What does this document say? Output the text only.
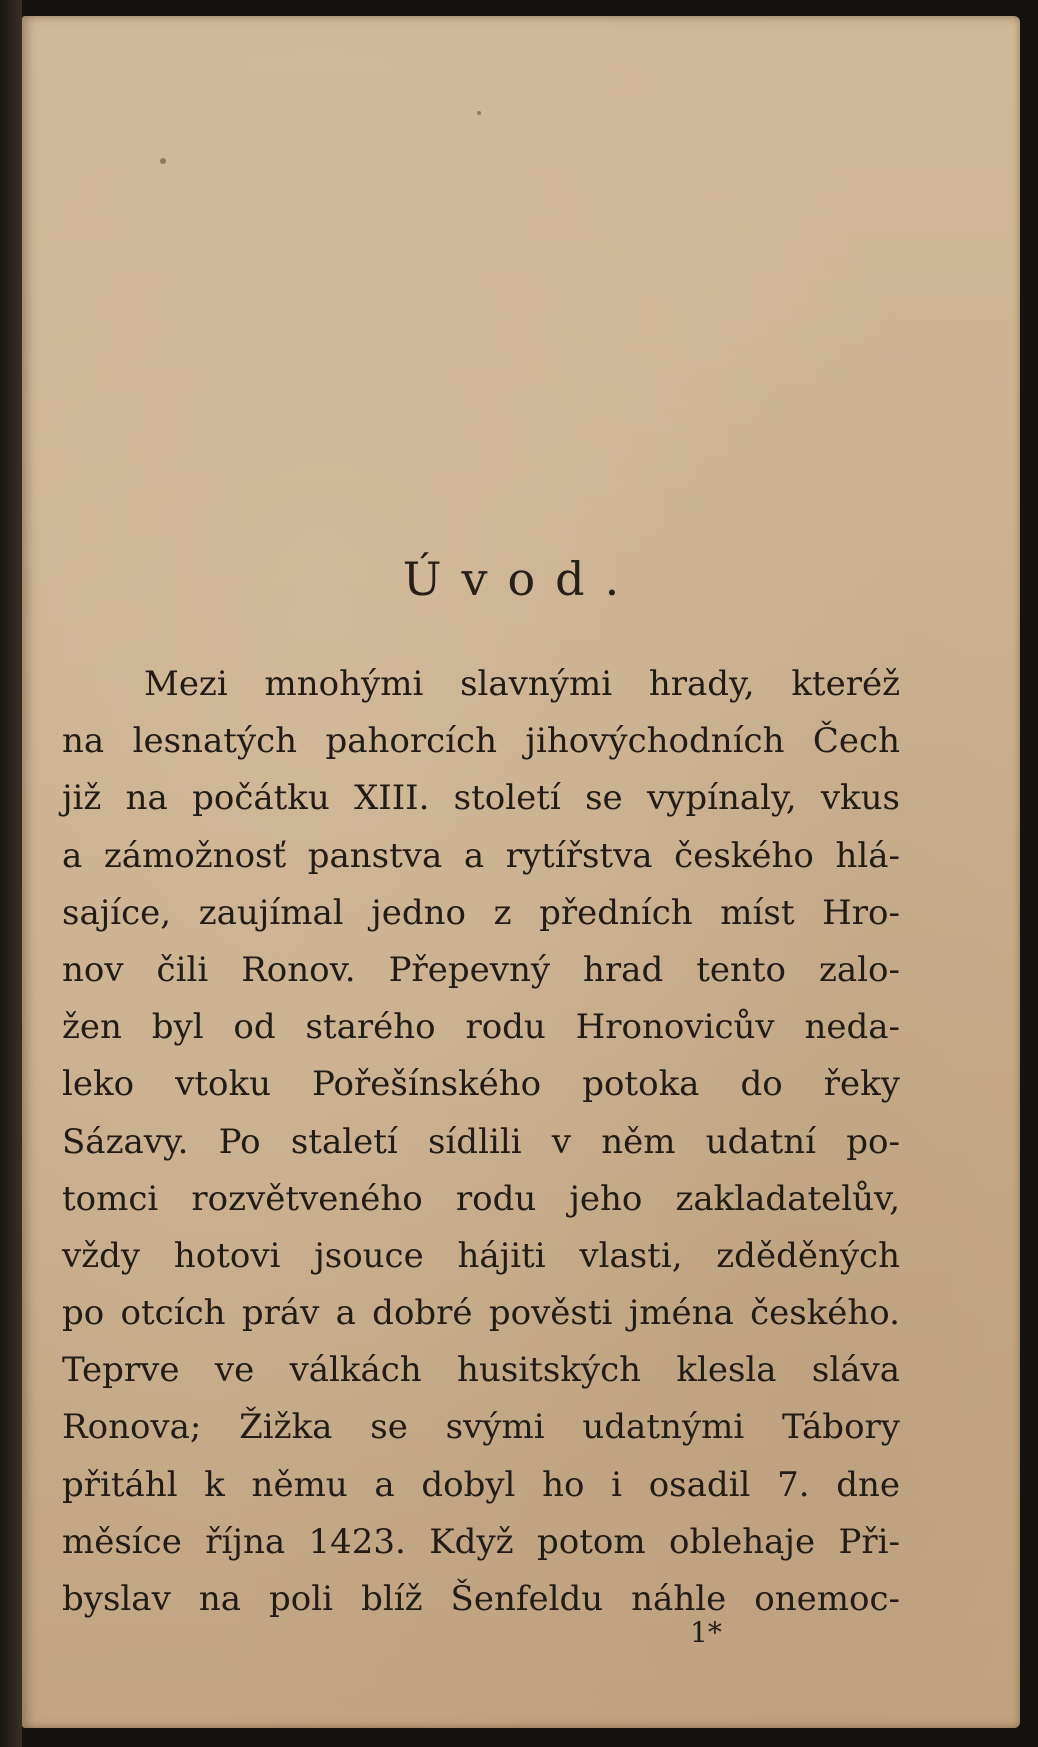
Úvod.
Mezi mnohými slavnými hrady, kteréž
na lesnatých pahorcích jihovýchodních Čech
již na počátku XIII. století se vypínaly, vkus
a zámožnosť panstva a rytířstva českého hlá-
sajíce, zaujímal jedno z předních míst Hro-
nov čili Ronov. Přepevný hrad tento zalo-
žen byl od starého rodu Hronovicův neda-
leko vtoku Pořešínského potoka do řeky
Sázavy. Po staletí sídlili v něm udatní po-
tomci rozvětveného rodu jeho zakladatelův,
vždy hotovi jsouce hájiti vlasti, zděděných
po otcích práv a dobré pověsti jména českého.
Teprve ve válkách husitských klesla sláva
Ronova; Žižka se svými udatnými Tábory
přitáhl k němu a dobyl ho i osadil 7. dne
měsíce října 1423. Když potom oblehaje Při-
byslav na poli blíž Šenfeldu náhle onemoc-
1*
